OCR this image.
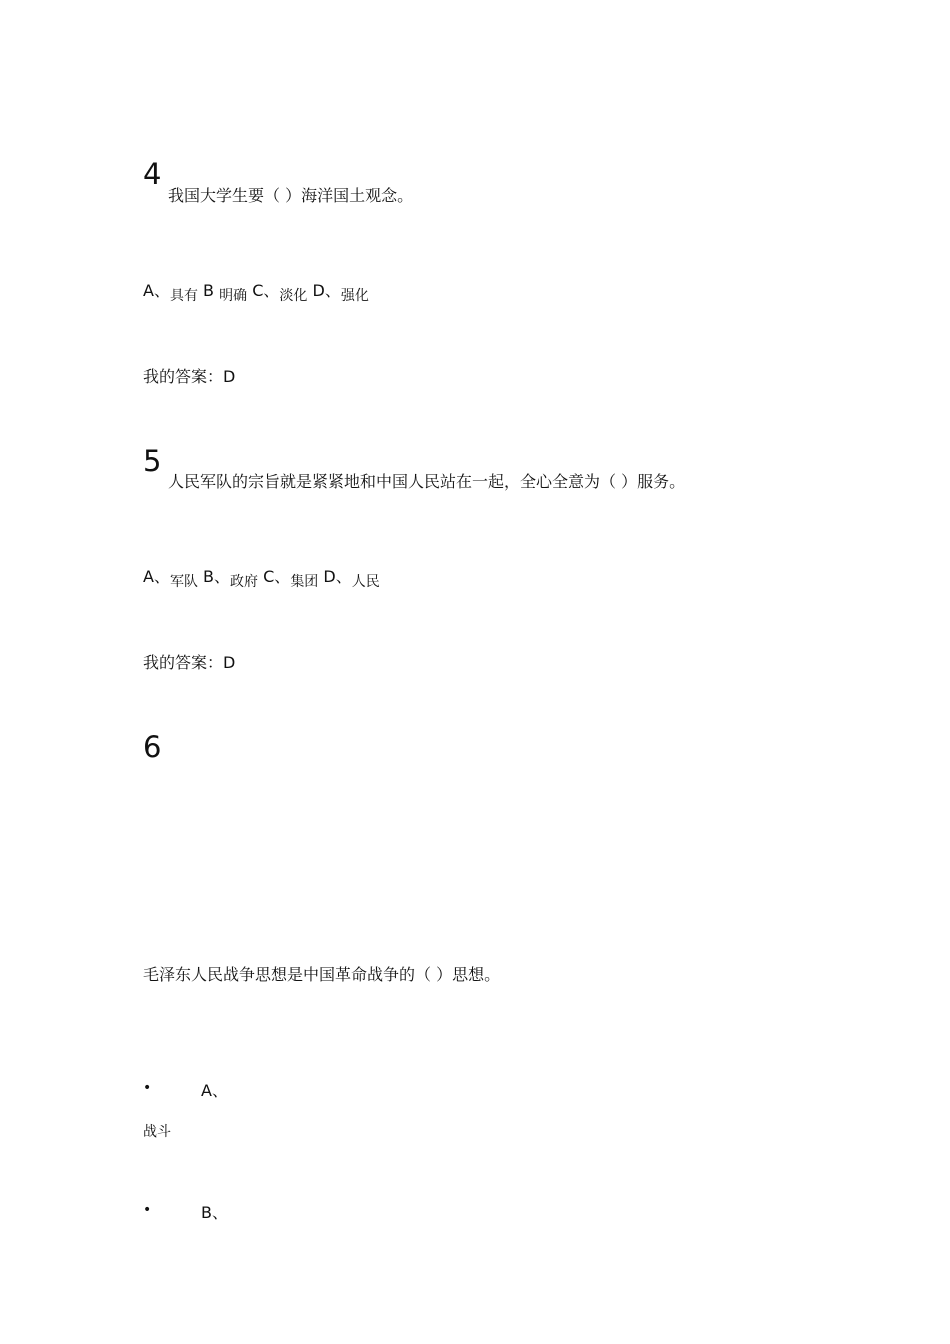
4
我国大学生要（ ）海洋国土观念。
A、具有 B 明确 C、淡化 D、强化
我的答案：D
5
人民军队的宗旨就是紧紧地和中国人民站在一起，全心全意为（ ）服务。
A、军队 B、政府 C、集团 D、人民
我的答案：D
6
毛泽东人民战争思想是中国革命战争的（ ）思想。
•	A、
战斗
•	B、
